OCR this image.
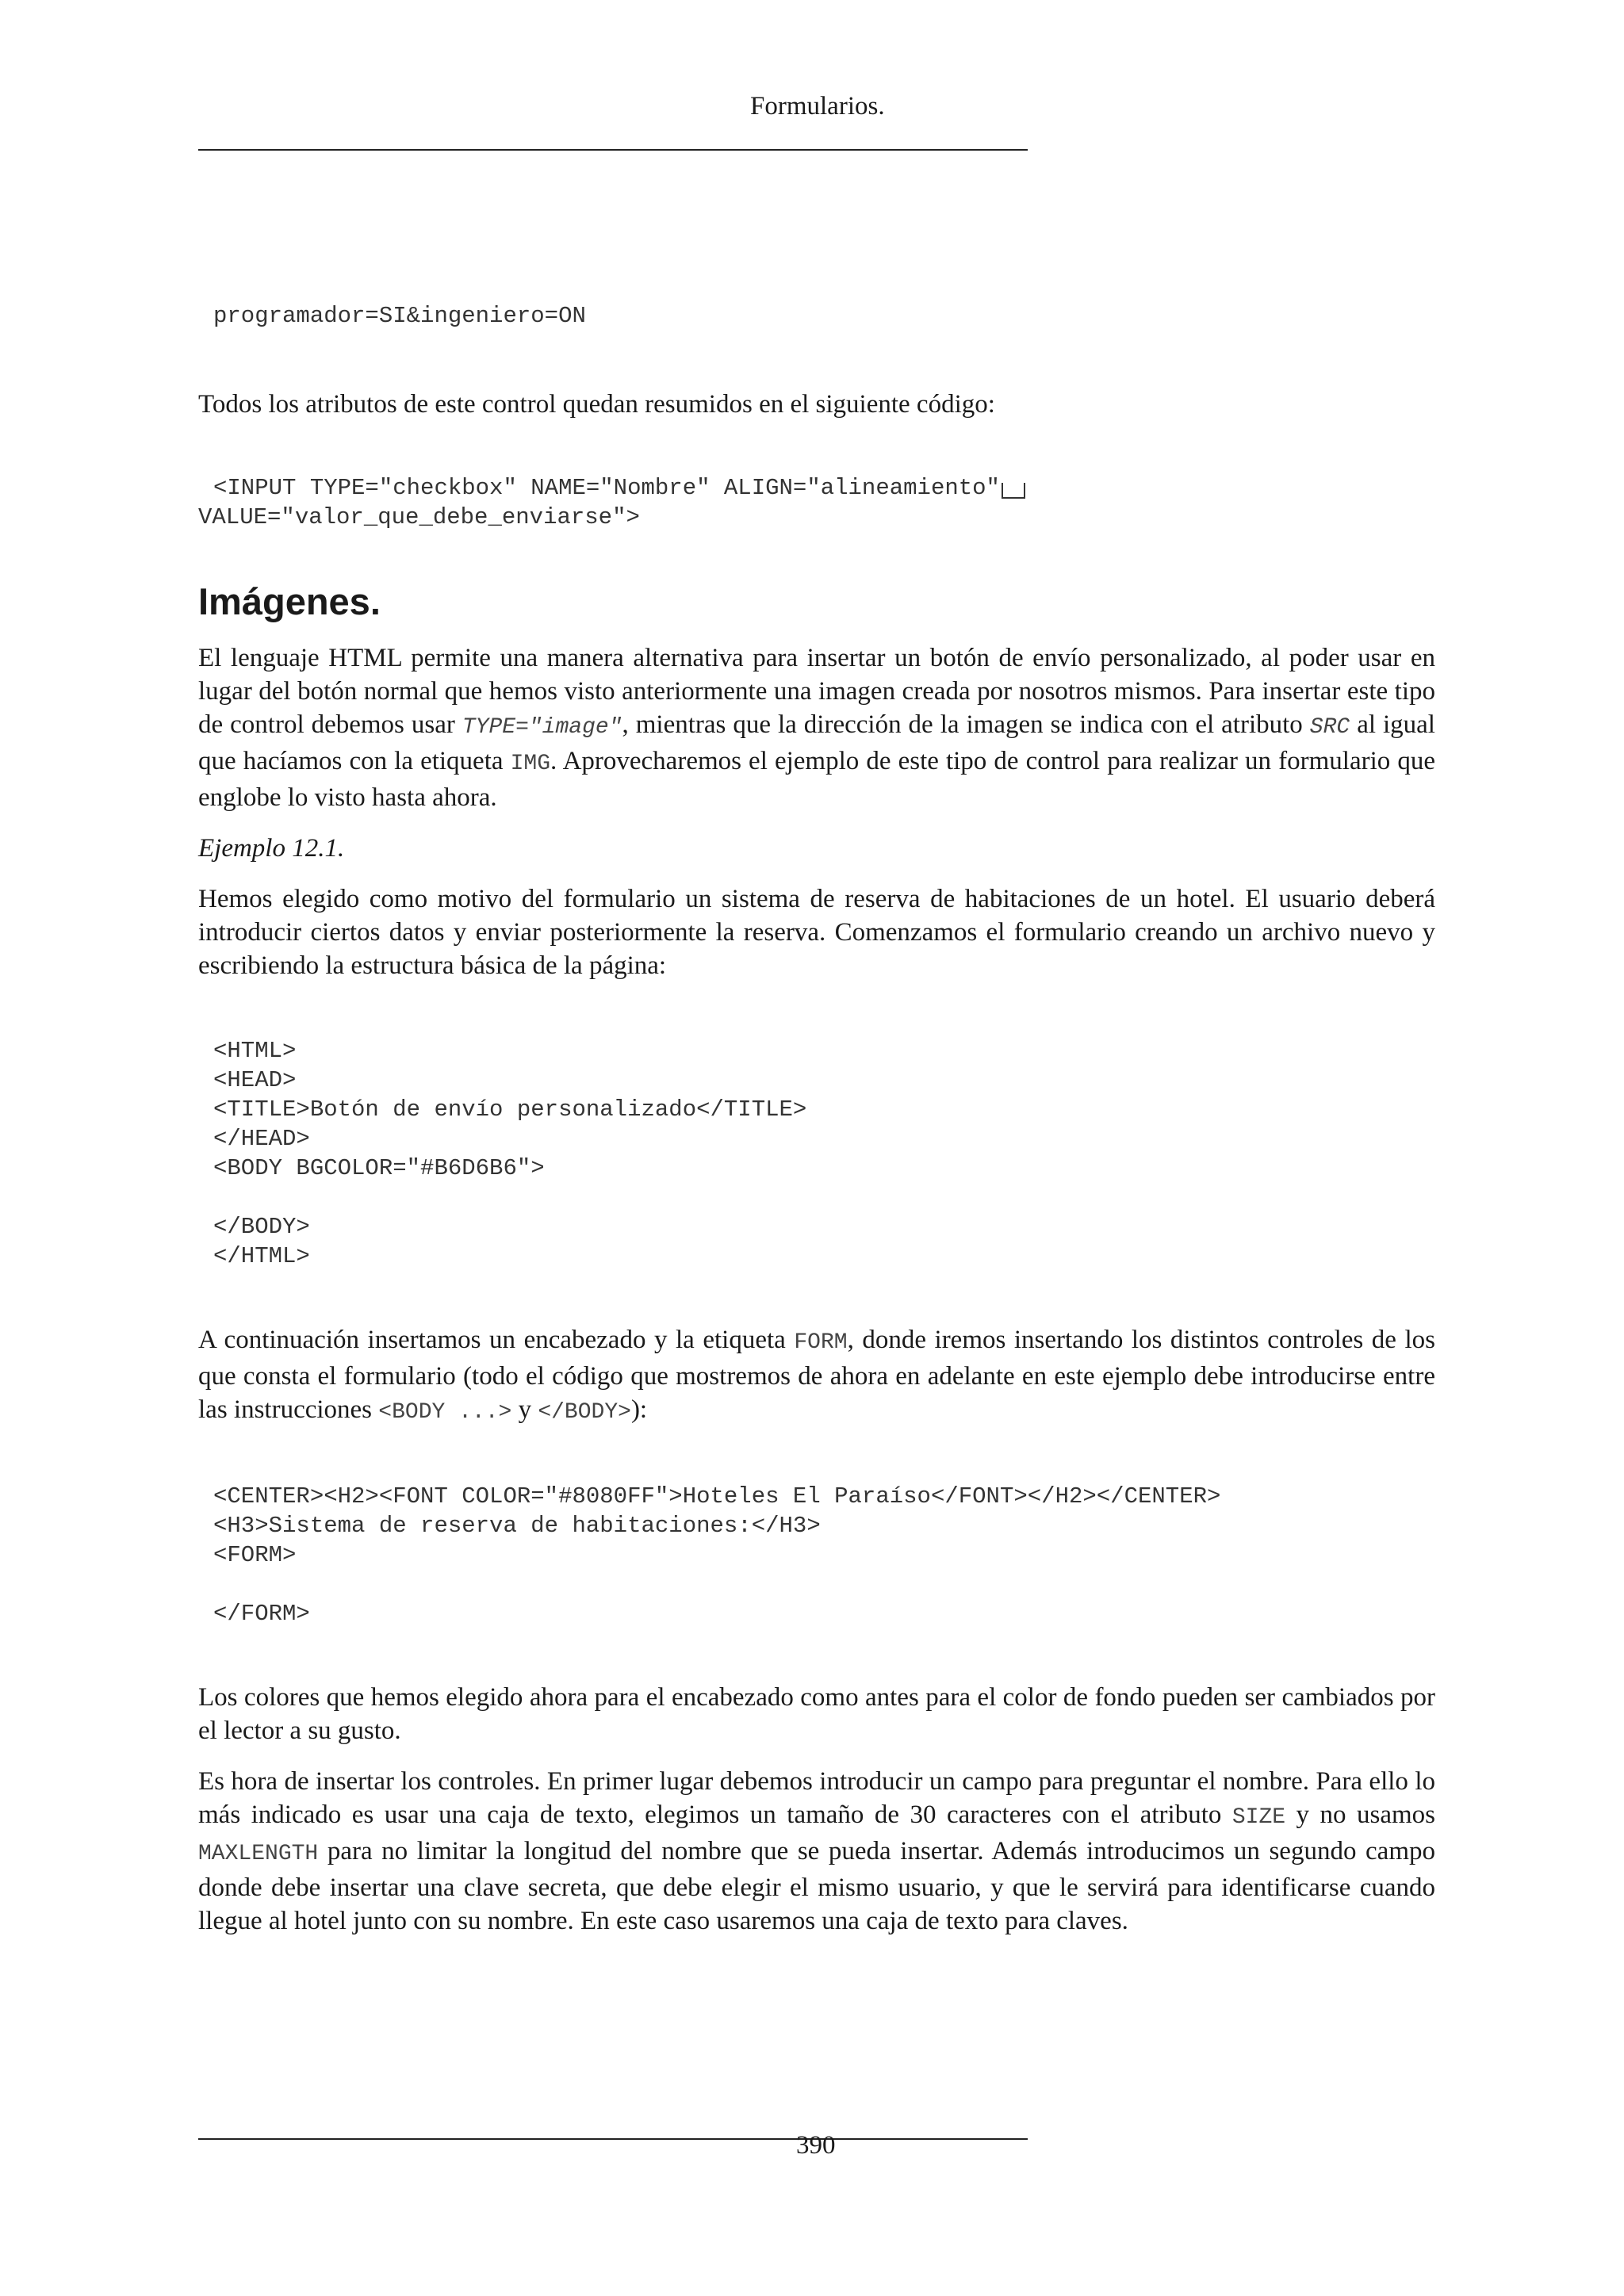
Formularios.
programador=SI&ingeniero=ON

Todos los atributos de este control quedan resumidos en el siguiente código:

<INPUT TYPE="checkbox" NAME="Nombre" ALIGN="alineamiento"
VALUE="valor_que_debe_enviarse">
Imágenes.

El lenguaje HTML permite una manera alternativa para insertar un botón de envío personalizado, al poder usar en lugar del botón normal que hemos visto anteriormente una imagen creada por nosotros mismos. Para insertar este tipo de control debemos usar TYPE="image", mientras que la dirección de la imagen se indica con el atributo SRC al igual que hacíamos con la etiqueta IMG. Aprovecharemos el ejemplo de este tipo de control para realizar un formulario que englobe lo visto hasta ahora.

Ejemplo 12.1.

Hemos elegido como motivo del formulario un sistema de reserva de habitaciones de un hotel. El usuario deberá introducir ciertos datos y enviar posteriormente la reserva. Comenzamos el formulario creando un archivo nuevo y escribiendo la estructura básica de la página:

<HTML>
<HEAD>
<TITLE>Botón de envío personalizado</TITLE>
</HEAD>
<BODY BGCOLOR="#B6D6B6">

</BODY>
</HTML>

A continuación insertamos un encabezado y la etiqueta FORM, donde iremos insertando los distintos controles de los que consta el formulario (todo el código que mostremos de ahora en adelante en este ejemplo debe introducirse entre las instrucciones <BODY ...> y </BODY>):

<CENTER><H2><FONT COLOR="#8080FF">Hoteles El Paraíso</FONT></H2></CENTER>
<H3>Sistema de reserva de habitaciones:</H3>
<FORM>

</FORM>

Los colores que hemos elegido ahora para el encabezado como antes para el color de fondo pueden ser cambiados por el lector a su gusto.

Es hora de insertar los controles. En primer lugar debemos introducir un campo para preguntar el nombre. Para ello lo más indicado es usar una caja de texto, elegimos un tamaño de 30 caracteres con el atributo SIZE y no usamos MAXLENGTH para no limitar la longitud del nombre que se pueda insertar. Además introducimos un segundo campo donde debe insertar una clave secreta, que debe elegir el mismo usuario, y que le servirá para identificarse cuando llegue al hotel junto con su nombre. En este caso usaremos una caja de texto para claves.

390
